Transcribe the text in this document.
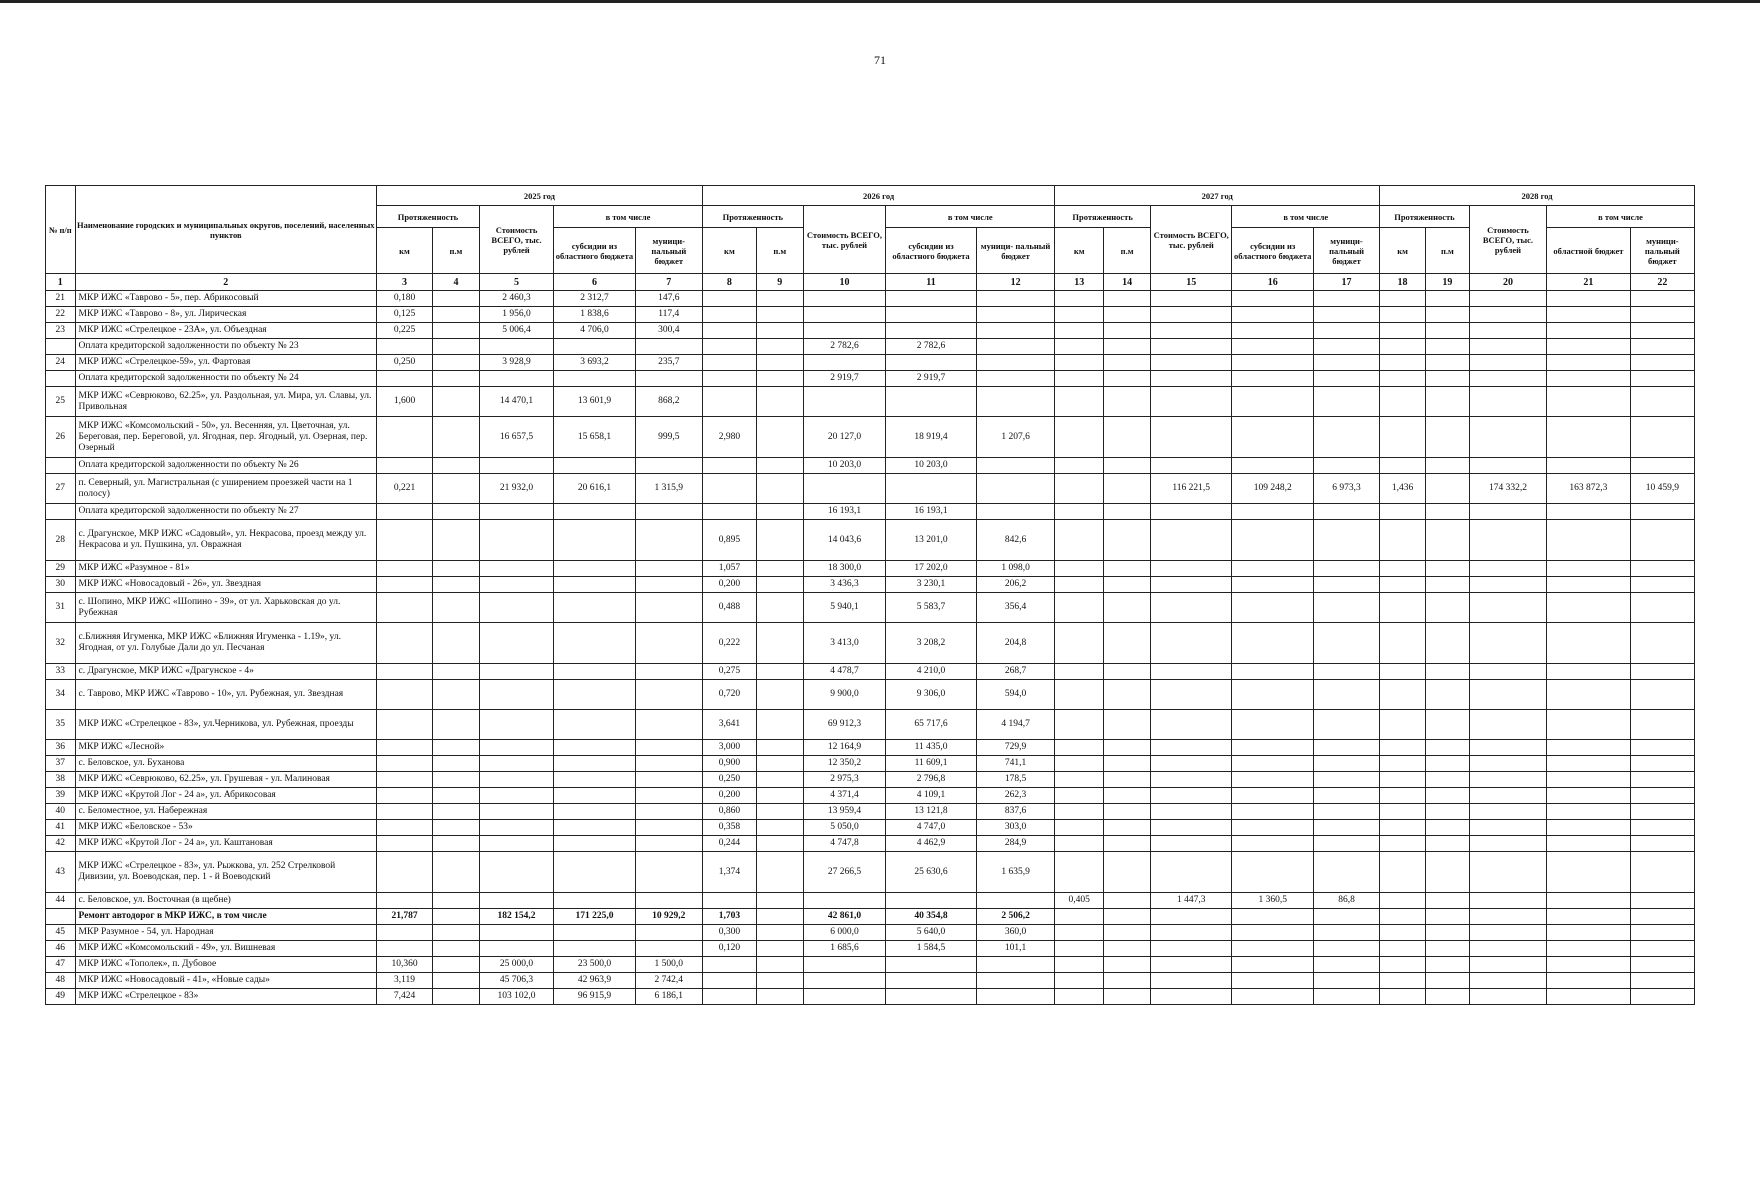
71
№ п/п	Наименование городских и муниципальных округов, поселений, населенных пунктов	2025 год					2026 год					2027 год					2028 год				
		Протяженность		Стоимость ВСЕГО, тыс. рублей	в том числе		Протяженность		Стоимость ВСЕГО, тыс. рублей	в том числе		Протяженность		Стоимость ВСЕГО, тыс. рублей	в том числе		Протяженность		Стоимость ВСЕГО, тыс. рублей	в том числе	
		км	п.м		субсидии из областного бюджета	муници- пальный бюджет	км	п.м		субсидии из областного бюджета	муници- пальный бюджет	км	п.м		субсидии из областного бюджета	муници- пальный бюджет	км	п.м		областной бюджет	муници- пальный бюджет
1	2	3	4	5	6	7	8	9	10	11	12	13	14	15	16	17	18	19	20	21	22
21	МКР ИЖС «Таврово - 5», пер. Абрикосовый	0,180		2 460,3	2 312,7	147,6															
22	МКР ИЖС «Таврово - 8», ул. Лирическая	0,125		1 956,0	1 838,6	117,4															
23	МКР ИЖС «Стрелецкое - 23А», ул. Объездная	0,225		5 006,4	4 706,0	300,4															
	Оплата кредиторской задолженности по объекту № 23								2 782,6	2 782,6											
24	МКР ИЖС «Стрелецкое-59», ул. Фартовая	0,250		3 928,9	3 693,2	235,7															
	Оплата кредиторской задолженности по объекту № 24								2 919,7	2 919,7											
25	МКР ИЖС «Севрюково, 62.25», ул. Раздольная, ул. Мира, ул. Славы, ул. Привольная	1,600		14 470,1	13 601,9	868,2															
26	МКР ИЖС «Комсомольский - 50», ул. Весенняя, ул. Цветочная, ул. Береговая, пер. Береговой, ул. Ягодная, пер. Ягодный, ул. Озерная, пер. Озерный			16 657,5	15 658,1	999,5	2,980		20 127,0	18 919,4	1 207,6										
	Оплата кредиторской задолженности по объекту № 26								10 203,0	10 203,0											
27	п. Северный, ул. Магистральная (с уширением проезжей части на 1 полосу)	0,221		21 932,0	20 616,1	1 315,9								116 221,5	109 248,2	6 973,3	1,436		174 332,2	163 872,3	10 459,9
	Оплата кредиторской задолженности по объекту № 27								16 193,1	16 193,1											
28	с. Драгунское, МКР ИЖС «Садовый», ул. Некрасова, проезд между ул. Некрасова и ул. Пушкина, ул. Овражная						0,895		14 043,6	13 201,0	842,6										
29	МКР ИЖС «Разумное - 81»						1,057		18 300,0	17 202,0	1 098,0										
30	МКР ИЖС «Новосадовый - 26», ул. Звездная						0,200		3 436,3	3 230,1	206,2										
31	с. Шопино, МКР ИЖС «Шопино - 39», от ул. Харьковская до ул. Рубежная						0,488		5 940,1	5 583,7	356,4										
32	с.Ближняя Игуменка, МКР ИЖС «Ближняя Игуменка - 1.19», ул. Ягодная, от ул. Голубые Дали до ул. Песчаная						0,222		3 413,0	3 208,2	204,8										
33	с. Драгунское, МКР ИЖС «Драгунское - 4»						0,275		4 478,7	4 210,0	268,7										
34	с. Таврово, МКР ИЖС «Таврово - 10», ул. Рубежная, ул. Звездная						0,720		9 900,0	9 306,0	594,0										
35	МКР ИЖС «Стрелецкое - 83», ул.Черникова, ул. Рубежная, проезды						3,641		69 912,3	65 717,6	4 194,7										
36	МКР ИЖС «Лесной»						3,000		12 164,9	11 435,0	729,9										
37	с. Беловское, ул. Буханова						0,900		12 350,2	11 609,1	741,1										
38	МКР ИЖС «Севрюково, 62.25», ул. Грушевая - ул. Малиновая						0,250		2 975,3	2 796,8	178,5										
39	МКР ИЖС «Крутой Лог - 24 а», ул. Абрикосовая						0,200		4 371,4	4 109,1	262,3										
40	с. Беломестное, ул. Набережная						0,860		13 959,4	13 121,8	837,6										
41	МКР ИЖС «Беловское - 53»						0,358		5 050,0	4 747,0	303,0										
42	МКР ИЖС «Крутой Лог - 24 а», ул. Каштановая						0,244		4 747,8	4 462,9	284,9										
43	МКР ИЖС «Стрелецкое - 83», ул. Рыжкова, ул. 252 Стрелковой Дивизии, ул. Воеводская, пер. 1 - й Воеводский						1,374		27 266,5	25 630,6	1 635,9										
44	с. Беловское, ул. Восточная (в щебне)											0,405		1 447,3	1 360,5	86,8					
	Ремонт автодорог в МКР ИЖС, в том числе	21,787		182 154,2	171 225,0	10 929,2	1,703		42 861,0	40 354,8	2 506,2										
45	МКР Разумное - 54, ул. Народная						0,300		6 000,0	5 640,0	360,0										
46	МКР ИЖС «Комсомольский - 49», ул. Вишневая						0,120		1 685,6	1 584,5	101,1										
47	МКР ИЖС «Тополек», п. Дубовое	10,360		25 000,0	23 500,0	1 500,0															
48	МКР ИЖС «Новосадовый - 41», «Новые сады»	3,119		45 706,3	42 963,9	2 742,4															
49	МКР ИЖС «Стрелецкое - 83»	7,424		103 102,0	96 915,9	6 186,1															
